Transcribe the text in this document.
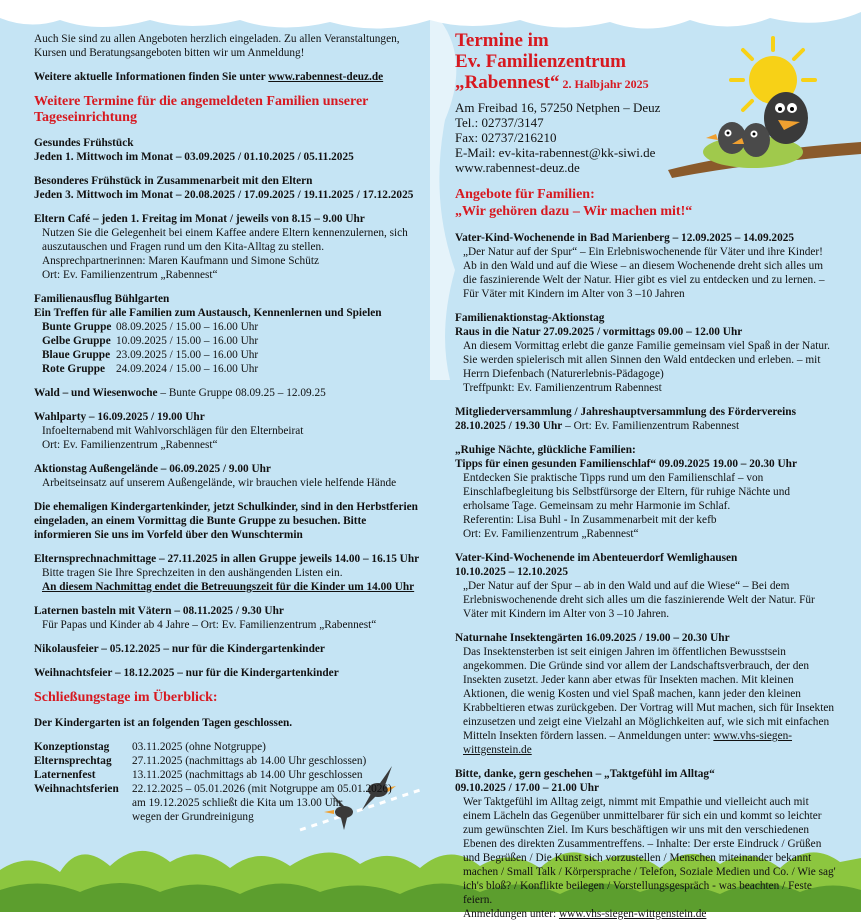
Auch Sie sind zu allen Angeboten herzlich eingeladen. Zu allen Veranstaltungen, Kursen und Beratungsangeboten bitten wir um Anmeldung!

Weitere aktuelle Informationen finden Sie unter www.rabennest-deuz.de

Weitere Termine für die angemeldeten Familien unserer Tageseinrichtung

Gesundes Frühstück

Jeden 1. Mittwoch im Monat – 03.09.2025 / 01.10.2025 / 05.11.2025

Besonderes Frühstück in Zusammenarbeit mit den Eltern

Jeden 3. Mittwoch im Monat – 20.08.2025 / 17.09.2025 / 19.11.2025 / 17.12.2025

Eltern Café – jeden 1. Freitag im Monat / jeweils von 8.15 – 9.00 Uhr

Nutzen Sie die Gelegenheit bei einem Kaffee andere Eltern kennenzulernen, sich auszutauschen und Fragen rund um den Kita-Alltag zu stellen.

Ansprechpartnerinnen: Maren Kaufmann und Simone Schütz

Ort: Ev. Familienzentrum „Rabennest“

Familienausflug Bühlgarten

Ein Treffen für alle Familien zum Austausch, Kennenlernen und Spielen

Bunte Gruppe 08.09.2025 / 15.00 – 16.00 Uhr
Gelbe Gruppe 10.09.2025 / 15.00 – 16.00 Uhr
Blaue Gruppe 23.09.2025 / 15.00 – 16.00 Uhr
Rote Gruppe 24.09.2024 / 15.00 – 16.00 Uhr

Wald – und Wiesenwoche – Bunte Gruppe 08.09.25 – 12.09.25

Wahlparty – 16.09.2025 / 19.00 Uhr

Infoelternabend mit Wahlvorschlägen für den Elternbeirat

Ort: Ev. Familienzentrum „Rabennest“

Aktionstag Außengelände – 06.09.2025 / 9.00 Uhr

Arbeitseinsatz auf unserem Außengelände, wir brauchen viele helfende Hände

Die ehemaligen Kindergartenkinder, jetzt Schulkinder, sind in den Herbstferien eingeladen, an einem Vormittag die Bunte Gruppe zu besuchen. Bitte informieren Sie uns im Vorfeld über den Wunschtermin

Elternsprechnachmittage – 27.11.2025 in allen Gruppe jeweils 14.00 – 16.15 Uhr

Bitte tragen Sie Ihre Sprechzeiten in den aushängenden Listen ein.

An diesem Nachmittag endet die Betreuungszeit für die Kinder um 14.00 Uhr

Laternen basteln mit Vätern – 08.11.2025 / 9.30 Uhr

Für Papas und Kinder ab 4 Jahre – Ort: Ev. Familienzentrum „Rabennest“

Nikolausfeier – 05.12.2025 – nur für die Kindergartenkinder

Weihnachtsfeier – 18.12.2025 – nur für die Kindergartenkinder

Schließungstage im Überblick:

Der Kindergarten ist an folgenden Tagen geschlossen.

Konzeptionstag	03.11.2025 (ohne Notgruppe)
Elternsprechtag	27.11.2025 (nachmittags ab 14.00 Uhr geschlossen)
Laternenfest	13.11.2025 (nachmittags ab 14.00 Uhr geschlossen
Weihnachtsferien	22.12.2025 – 05.01.2026 (mit Notgruppe am 05.01.2026)
am 19.12.2025 schließt die Kita um 13.00 Uhr
wegen der Grundreinigung
Termine im
Ev. Familienzentrum
„Rabennest“ 2. Halbjahr 2025

Am Freibad 16, 57250 Netphen – Deuz

Tel.: 02737/3147

Fax: 02737/216210

E-Mail: ev-kita-rabennest@kk-siwi.de

www.rabennest-deuz.de

Angebote für Familien:
„Wir gehören dazu – Wir machen mit!“

Vater-Kind-Wochenende in Bad Marienberg – 12.09.2025 – 14.09.2025

„Der Natur auf der Spur“ – Ein Erlebniswochenende für Väter und ihre Kinder! Ab in den Wald und auf die Wiese – an diesem Wochenende dreht sich alles um die faszinierende Welt der Natur. Hier gibt es viel zu entdecken und zu lernen. – Für Väter mit Kindern im Alter von 3 –10 Jahren

Familienaktionstag-Aktionstag

Raus in die Natur 27.09.2025 / vormittags 09.00 – 12.00 Uhr

An diesem Vormittag erlebt die ganze Familie gemeinsam viel Spaß in der Natur. Sie werden spielerisch mit allen Sinnen den Wald entdecken und erleben. – mit Herrn Diefenbach (Naturerlebnis-Pädagoge)

Treffpunkt: Ev. Familienzentrum Rabennest

Mitgliederversammlung / Jahreshauptversammlung des Fördervereins

28.10.2025 / 19.30 Uhr – Ort: Ev. Familienzentrum Rabennest

„Ruhige Nächte, glückliche Familien:

Tipps für einen gesunden Familienschlaf“ 09.09.2025 19.00 – 20.30 Uhr

Entdecken Sie praktische Tipps rund um den Familienschlaf – von Einschlafbegleitung bis Selbstfürsorge der Eltern, für ruhige Nächte und erholsame Tage. Gemeinsam zu mehr Harmonie im Schlaf.

Referentin: Lisa Buhl - In Zusammenarbeit mit der kefb

Ort: Ev. Familienzentrum „Rabennest“

Vater-Kind-Wochenende im Abenteuerdorf Wemlighausen

10.10.2025 – 12.10.2025

„Der Natur auf der Spur – ab in den Wald und auf die Wiese“ – Bei dem Erlebniswochenende dreht sich alles um die faszinierende Welt der Natur. Für Väter mit Kindern im Alter von 3 –10 Jahren.

Naturnahe Insektengärten 16.09.2025 / 19.00 – 20.30 Uhr

Das Insektensterben ist seit einigen Jahren im öffentlichen Bewusstsein angekommen. Die Gründe sind vor allem der Landschaftsverbrauch, der den Insekten zusetzt. Jeder kann aber etwas für Insekten machen. Mit kleinen Aktionen, die wenig Kosten und viel Spaß machen, kann jeder den kleinen Krabbeltieren etwas zurückgeben. Der Vortrag will Mut machen, sich für Insekten einzusetzen und zeigt eine Vielzahl an Möglichkeiten auf, wie sich mit einfachen Mitteln Insekten fördern lassen. – Anmeldungen unter: www.vhs-siegen-wittgenstein.de

Bitte, danke, gern geschehen – „Taktgefühl im Alltag“

09.10.2025 / 17.00 – 21.00 Uhr

Wer Taktgefühl im Alltag zeigt, nimmt mit Empathie und vielleicht auch mit einem Lächeln das Gegenüber unmittelbarer für sich ein und kommt so leichter zum gewünschten Ziel. Im Kurs beschäftigen wir uns mit den verschiedenen Ebenen des direkten Zusammentreffens. – Inhalte: Der erste Eindruck / Grüßen und Begrüßen / Die Kunst sich vorzustellen / Menschen miteinander bekannt machen / Small Talk / Körpersprache / Telefon, Soziale Medien und Co. / Wie sag' ich's bloß? / Konflikte beilegen / Vorstellungsgespräch - was beachten / Feste feiern.

Anmeldungen unter: www.vhs-siegen-wittgenstein.de
